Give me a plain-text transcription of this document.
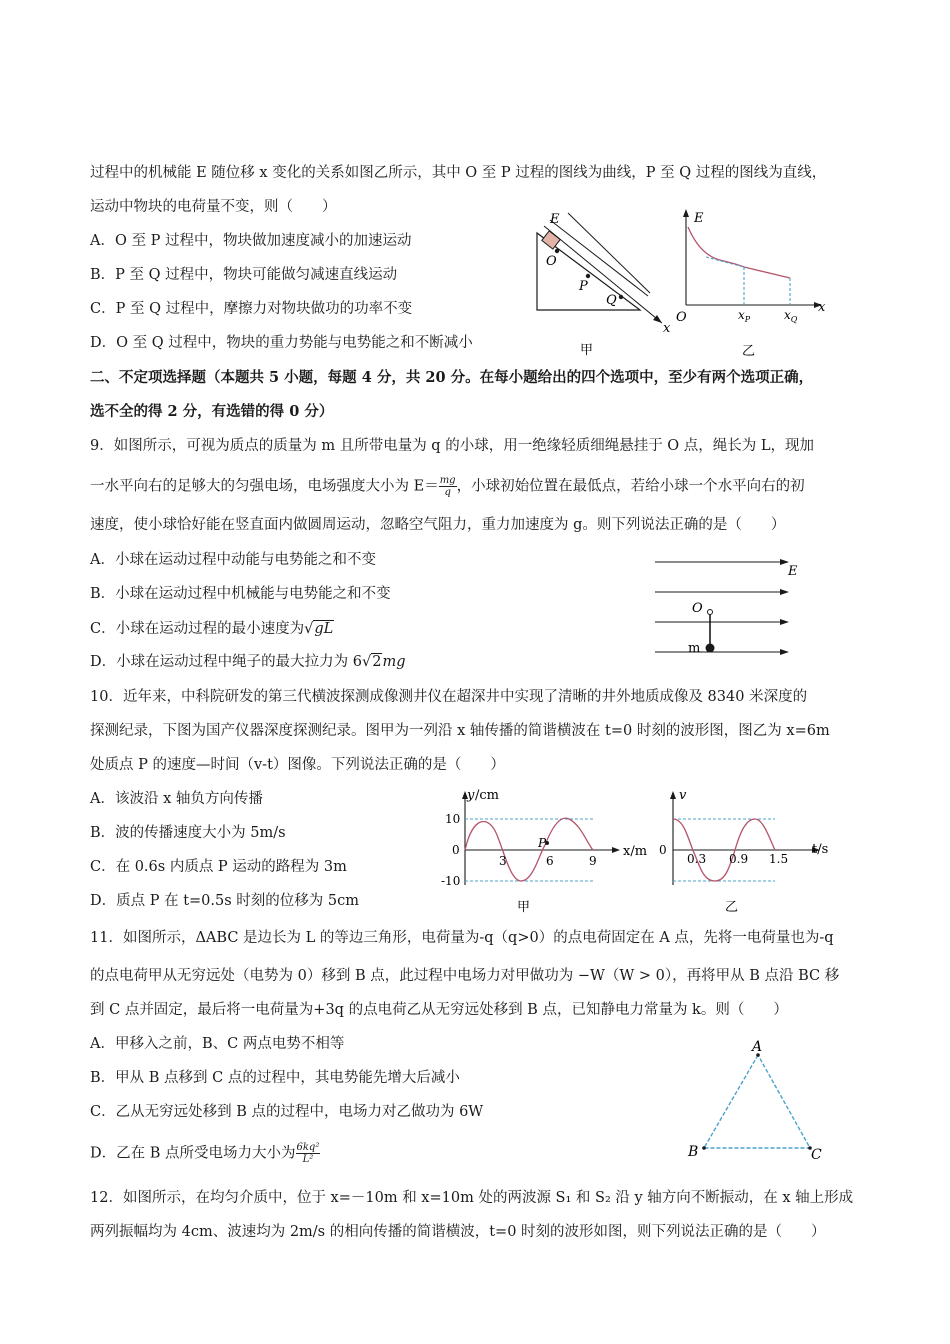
过程中的机械能 E 随位移 x 变化的关系如图乙所示，其中 O 至 P 过程的图线为曲线，P 至 Q 过程的图线为直线，
运动中物块的电荷量不变，则（　　）
A．O 至 P 过程中，物块做加速度减小的加速运动
B．P 至 Q 过程中，物块可能做匀减速直线运动
C．P 至 Q 过程中，摩擦力对物块做功的功率不变
D．O 至 Q 过程中，物块的重力势能与电势能之和不断减小
E
O
P
Q
x
甲
E
O	$x_P$	$x_Q$
x
乙
二、不定项选择题（本题共 5 小题，每题 4 分，共 20 分。在每小题给出的四个选项中，至少有两个选项正确，
选不全的得 2 分，有选错的得 0 分）
9．如图所示，可视为质点的质量为 m 且所带电量为 q 的小球，用一绝缘轻质细绳悬挂于 O 点，绳长为 L，现加
一水平向右的足够大的匀强电场，电场强度大小为 $E= \frac{mg}{q}$ ，小球初始位置在最低点，若给小球一个水平向右的初
速度，使小球恰好能在竖直面内做圆周运动，忽略空气阻力，重力加速度为 g。则下列说法正确的是（　　）
A．小球在运动过程中动能与电势能之和不变
B．小球在运动过程中机械能与电势能之和不变
C．小球在运动过程的最小速度为√gL
D．小球在运动过程中绳子的最大拉力为 6√2mg
E
O
m
10．近年来，中科院研发的第三代横波探测成像测井仪在超深井中实现了清晰的井外地质成像及 8340 米深度的
探测纪录，下图为国产仪器深度探测纪录。图甲为一列沿 x 轴传播的简谐横波在 t=0 时刻的波形图，图乙为 x=6m
处质点 P 的速度—时间（v-t）图像。下列说法正确的是（　　）
A．该波沿 x 轴负方向传播
B．波的传播速度大小为 5m/s
C．在 0.6s 内质点 P 运动的路程为 3m
D．质点 P 在 t=0.5s 时刻的位移为 5cm
y /cm
10
0
-10
3	6	9
x/m
P
甲
v
0
0.3 0.9 1.5
t/s
乙
11．如图所示，ΔABC 是边长为 L 的等边三角形，电荷量为-q（q>0）的点电荷固定在 A 点，先将一电荷量也为-q
的点电荷甲从无穷远处（电势为 0）移到 B 点，此过程中电场力对甲做功为 −W（W > 0），再将甲从 B 点沿 BC 移
到 C 点并固定，最后将一电荷量为+3q 的点电荷乙从无穷远处移到 B 点，已知静电力常量为 k。则（　　）
A．甲移入之前，B、C 两点电势不相等
B．甲从 B 点移到 C 点的过程中，其电势能先增大后减小
C．乙从无穷远处移到 B 点的过程中，电场力对乙做功为 6W
D．乙在 B 点所受电场力大小为 $\frac{\text{6kq²}}{\text{L²}}$
A
B	C
12．如图所示，在均匀介质中，位于 x=－10m 和 x=10m 处的两波源 S₁ 和 S₂ 沿 y 轴方向不断振动，在 x 轴上形成
两列振幅均为 4cm、波速均为 2m/s 的相向传播的简谐横波，t=0 时刻的波形如图，则下列说法正确的是（　　）
